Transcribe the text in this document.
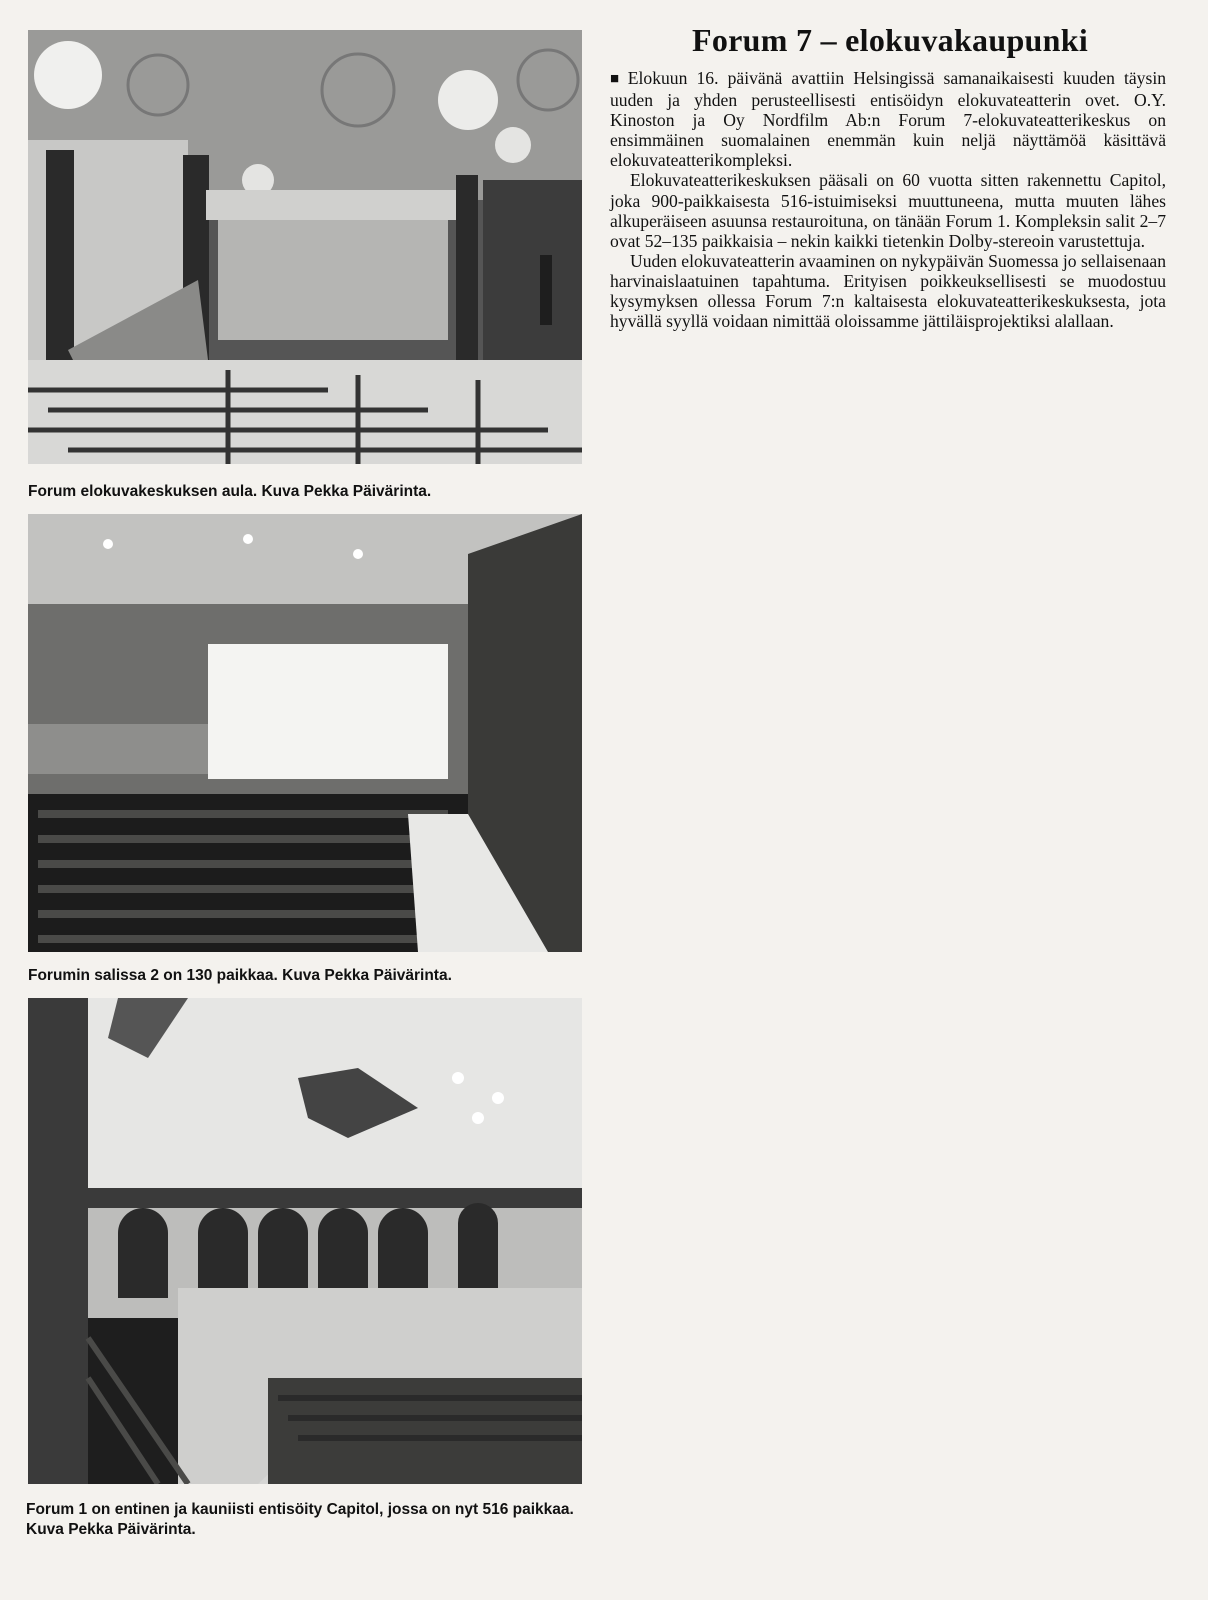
Forum elokuvakeskuksen aula. Kuva Pekka Päivärinta.

Forumin salissa 2 on 130 paikkaa. Kuva Pekka Päivärinta.

Forum 1 on entinen ja kauniisti entisöity Capitol, jossa on nyt 516 paikkaa. Kuva Pekka Päivärinta.

Forum 7 – elokuvakaupunki

■ Elokuun 16. päivänä avattiin Helsingissä samanaikaisesti kuuden täysin uuden ja yhden perusteellisesti entisöidyn elokuvateatterin ovet. O.Y. Kinoston ja Oy Nordfilm Ab:n Forum 7-elokuvateatterikeskus on ensimmäinen suomalainen enemmän kuin neljä näyttämöä käsittävä elokuvateatterikompleksi.

Elokuvateatterikeskuksen pääsali on 60 vuotta sitten rakennettu Capitol, joka 900-paikkaisesta 516-istuimiseksi muuttuneena, mutta muuten lähes alkuperäiseen asuunsa restauroituna, on tänään Forum 1. Kompleksin salit 2–7 ovat 52–135 paikkaisia – nekin kaikki tietenkin Dolby-stereoin varustettuja.

Uuden elokuvateatterin avaaminen on nykypäivän Suomessa jo sellaisenaan harvinaislaatuinen tapahtuma. Erityisen poikkeuksellisesti se muodostuu kysymyksen ollessa Forum 7:n kaltaisesta elokuvateatterikeskuksesta, jota hyvällä syyllä voidaan nimittää oloissamme jättiläisprojektiksi alallaan.
